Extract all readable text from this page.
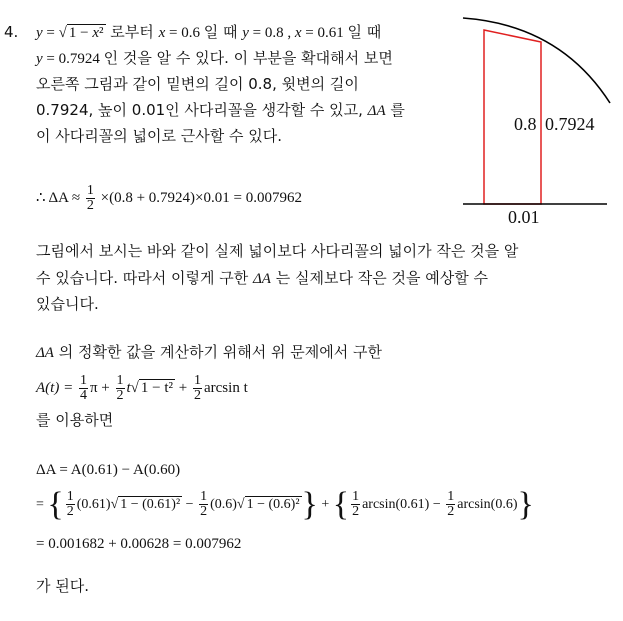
0.8 0.7924
0.01
4. y = √ 1 − x² 로부터 x = 0.6 일 때 y = 0.8 , x = 0.61 일 때
y = 0.7924 인 것을 알 수 있다. 이 부분을 확대해서 보면
오른쪽 그림과 같이 밑변의 길이 0.8, 윗변의 길이
0.7924, 높이 0.01인 사다리꼴을 생각할 수 있고, ΔA 를
이 사다리꼴의 넓이로 근사할 수 있다.
∴ $\Delta A \approx \frac{1}{2} \times(0.8 + 0.7924)\times 0.01 = 0.007962$
그림에서 보시는 바와 같이 실제 넓이보다 사다리꼴의 넓이가 작은 것을 알
수 있습니다. 따라서 이렇게 구한 ΔA 는 실제보다 작은 것을 예상할 수
있습니다.
ΔA 의 정확한 값을 계산하기 위해서 위 문제에서 구한
$A(t) = \frac{1}{4}$ $\pi + \frac{1}{2} t√$ $1 - t^2 + \frac{1}{2}$ arcsin t
를 이용하면
ΔA = A(0.61) − A(0.60)
= { $\frac{1}{2} (0.61)√$ $1 - (0.61)^2 - \frac{1}{2} (0.6)√$ 1 − (0.6)²} + { $\frac{1}{2} \arcsin(0.61) - \frac{1}{2} \arcsin(0.6)$}
= 0.001682 + 0.00628 = 0.007962
가 된다.
